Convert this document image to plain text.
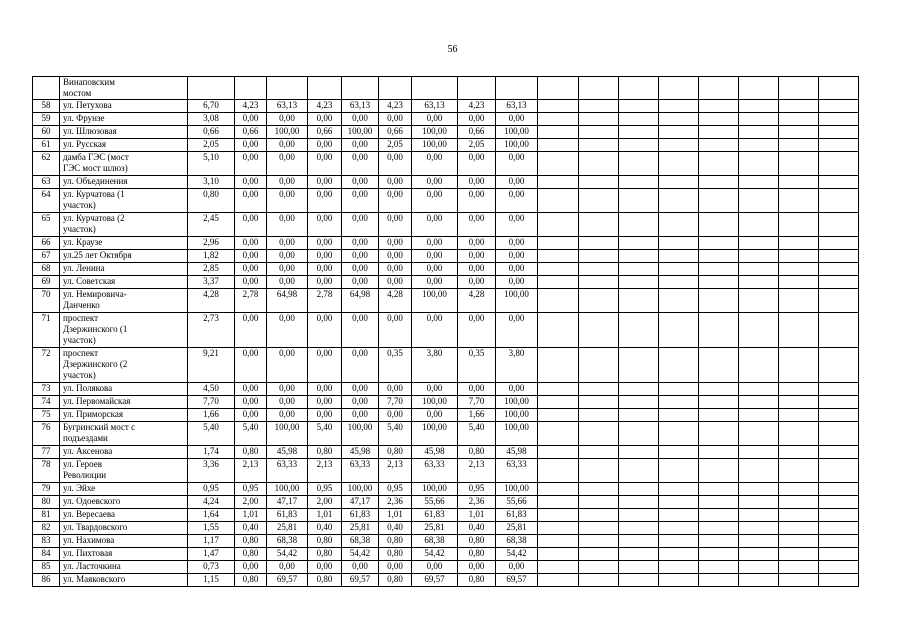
56
	Винаповским
мостом																	
58	ул. Петухова	6,70	4,23	63,13	4,23	63,13	4,23	63,13	4,23	63,13								
59	ул. Фрунзе	3,08	0,00	0,00	0,00	0,00	0,00	0,00	0,00	0,00								
60	ул. Шлюзовая	0,66	0,66	100,00	0,66	100,00	0,66	100,00	0,66	100,00								
61	ул. Русская	2,05	0,00	0,00	0,00	0,00	2,05	100,00	2,05	100,00								
62	дамба ГЭС (мост
ГЭС мост шлюз)	5,10	0,00	0,00	0,00	0,00	0,00	0,00	0,00	0,00								
63	ул. Объединения	3,10	0,00	0,00	0,00	0,00	0,00	0,00	0,00	0,00								
64	ул. Курчатова (1
участок)	0,80	0,00	0,00	0,00	0,00	0,00	0,00	0,00	0,00								
65	ул. Курчатова (2
участок)	2,45	0,00	0,00	0,00	0,00	0,00	0,00	0,00	0,00								
66	ул. Краузе	2,96	0,00	0,00	0,00	0,00	0,00	0,00	0,00	0,00								
67	ул.25 лет Октября	1,82	0,00	0,00	0,00	0,00	0,00	0,00	0,00	0,00								
68	ул. Ленина	2,85	0,00	0,00	0,00	0,00	0,00	0,00	0,00	0,00								
69	ул. Советская	3,37	0,00	0,00	0,00	0,00	0,00	0,00	0,00	0,00								
70	ул. Немировича-
Данченко	4,28	2,78	64,98	2,78	64,98	4,28	100,00	4,28	100,00								
71	проспект
Дзержинского (1
участок)	2,73	0,00	0,00	0,00	0,00	0,00	0,00	0,00	0,00								
72	проспект
Дзержинского (2
участок)	9,21	0,00	0,00	0,00	0,00	0,35	3,80	0,35	3,80								
73	ул. Полякова	4,50	0,00	0,00	0,00	0,00	0,00	0,00	0,00	0,00								
74	ул. Первомайская	7,70	0,00	0,00	0,00	0,00	7,70	100,00	7,70	100,00								
75	ул. Приморская	1,66	0,00	0,00	0,00	0,00	0,00	0,00	1,66	100,00								
76	Бугринский мост с
подъездами	5,40	5,40	100,00	5,40	100,00	5,40	100,00	5,40	100,00								
77	ул. Аксенова	1,74	0,80	45,98	0,80	45,98	0,80	45,98	0,80	45,98								
78	ул. Героев
Революции	3,36	2,13	63,33	2,13	63,33	2,13	63,33	2,13	63,33								
79	ул. Эйхе	0,95	0,95	100,00	0,95	100,00	0,95	100,00	0,95	100,00								
80	ул. Одоевского	4,24	2,00	47,17	2,00	47,17	2,36	55,66	2,36	55,66								
81	ул. Вересаева	1,64	1,01	61,83	1,01	61,83	1,01	61,83	1,01	61,83								
82	ул. Твардовского	1,55	0,40	25,81	0,40	25,81	0,40	25,81	0,40	25,81								
83	ул. Нахимова	1,17	0,80	68,38	0,80	68,38	0,80	68,38	0,80	68,38								
84	ул. Пихтовая	1,47	0,80	54,42	0,80	54,42	0,80	54,42	0,80	54,42								
85	ул. Ласточкина	0,73	0,00	0,00	0,00	0,00	0,00	0,00	0,00	0,00								
86	ул. Маяковского	1,15	0,80	69,57	0,80	69,57	0,80	69,57	0,80	69,57								
